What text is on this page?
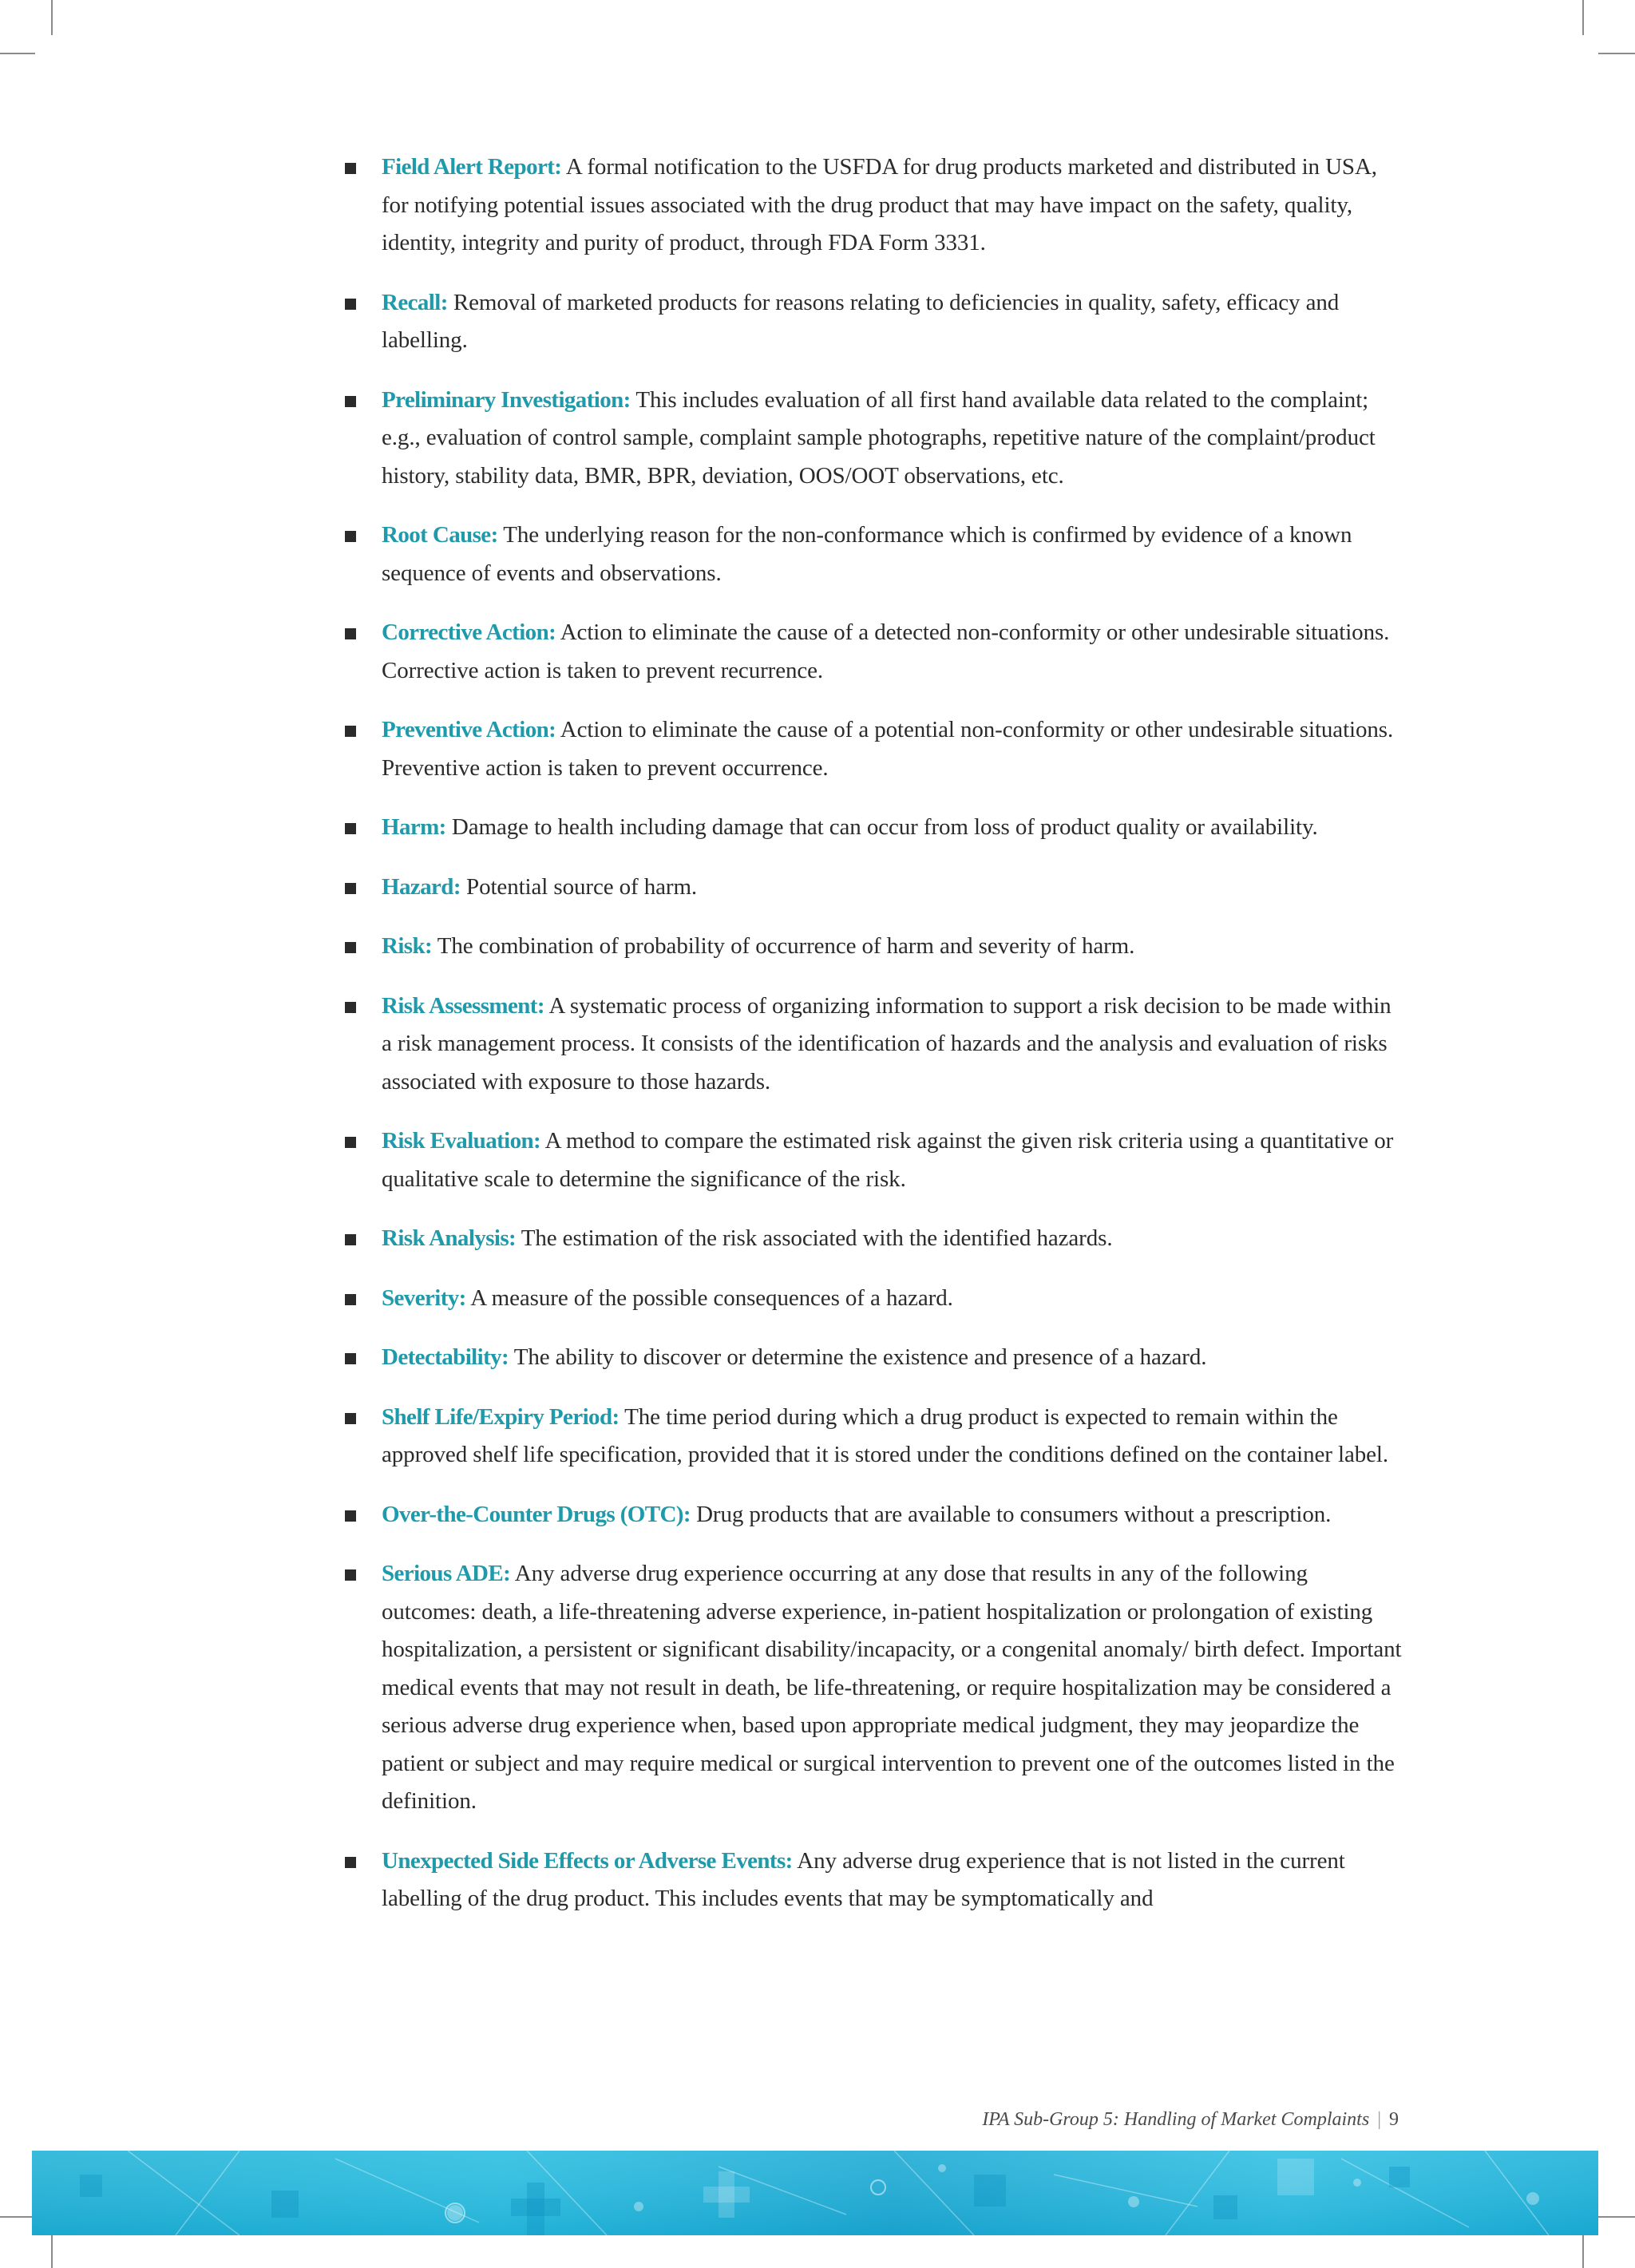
Field Alert Report: A formal notification to the USFDA for drug products marketed and distributed in USA, for notifying potential issues associated with the drug product that may have impact on the safety, quality, identity, integrity and purity of product, through FDA Form 3331.
Recall: Removal of marketed products for reasons relating to deficiencies in quality, safety, efficacy and labelling.
Preliminary Investigation: This includes evaluation of all first hand available data related to the complaint; e.g., evaluation of control sample, complaint sample photographs, repetitive nature of the complaint/product history, stability data, BMR, BPR, deviation, OOS/OOT observations, etc.
Root Cause: The underlying reason for the non-conformance which is confirmed by evidence of a known sequence of events and observations.
Corrective Action: Action to eliminate the cause of a detected non-conformity or other undesirable situations. Corrective action is taken to prevent recurrence.
Preventive Action: Action to eliminate the cause of a potential non-conformity or other undesirable situations. Preventive action is taken to prevent occurrence.
Harm: Damage to health including damage that can occur from loss of product quality or availability.
Hazard: Potential source of harm.
Risk: The combination of probability of occurrence of harm and severity of harm.
Risk Assessment: A systematic process of organizing information to support a risk decision to be made within a risk management process. It consists of the identification of hazards and the analysis and evaluation of risks associated with exposure to those hazards.
Risk Evaluation: A method to compare the estimated risk against the given risk criteria using a quantitative or qualitative scale to determine the significance of the risk.
Risk Analysis: The estimation of the risk associated with the identified hazards.
Severity: A measure of the possible consequences of a hazard.
Detectability: The ability to discover or determine the existence and presence of a hazard.
Shelf Life/Expiry Period: The time period during which a drug product is expected to remain within the approved shelf life specification, provided that it is stored under the conditions defined on the container label.
Over-the-Counter Drugs (OTC): Drug products that are available to consumers without a prescription.
Serious ADE: Any adverse drug experience occurring at any dose that results in any of the following outcomes: death, a life-threatening adverse experience, in-patient hospitalization or prolongation of existing hospitalization, a persistent or significant disability/incapacity, or a congenital anomaly/ birth defect. Important medical events that may not result in death, be life-threatening, or require hospitalization may be considered a serious adverse drug experience when, based upon appropriate medical judgment, they may jeopardize the patient or subject and may require medical or surgical intervention to prevent one of the outcomes listed in the definition.
Unexpected Side Effects or Adverse Events: Any adverse drug experience that is not listed in the current labelling of the drug product. This includes events that may be symptomatically and
IPA Sub-Group 5: Handling of Market Complaints | 9
